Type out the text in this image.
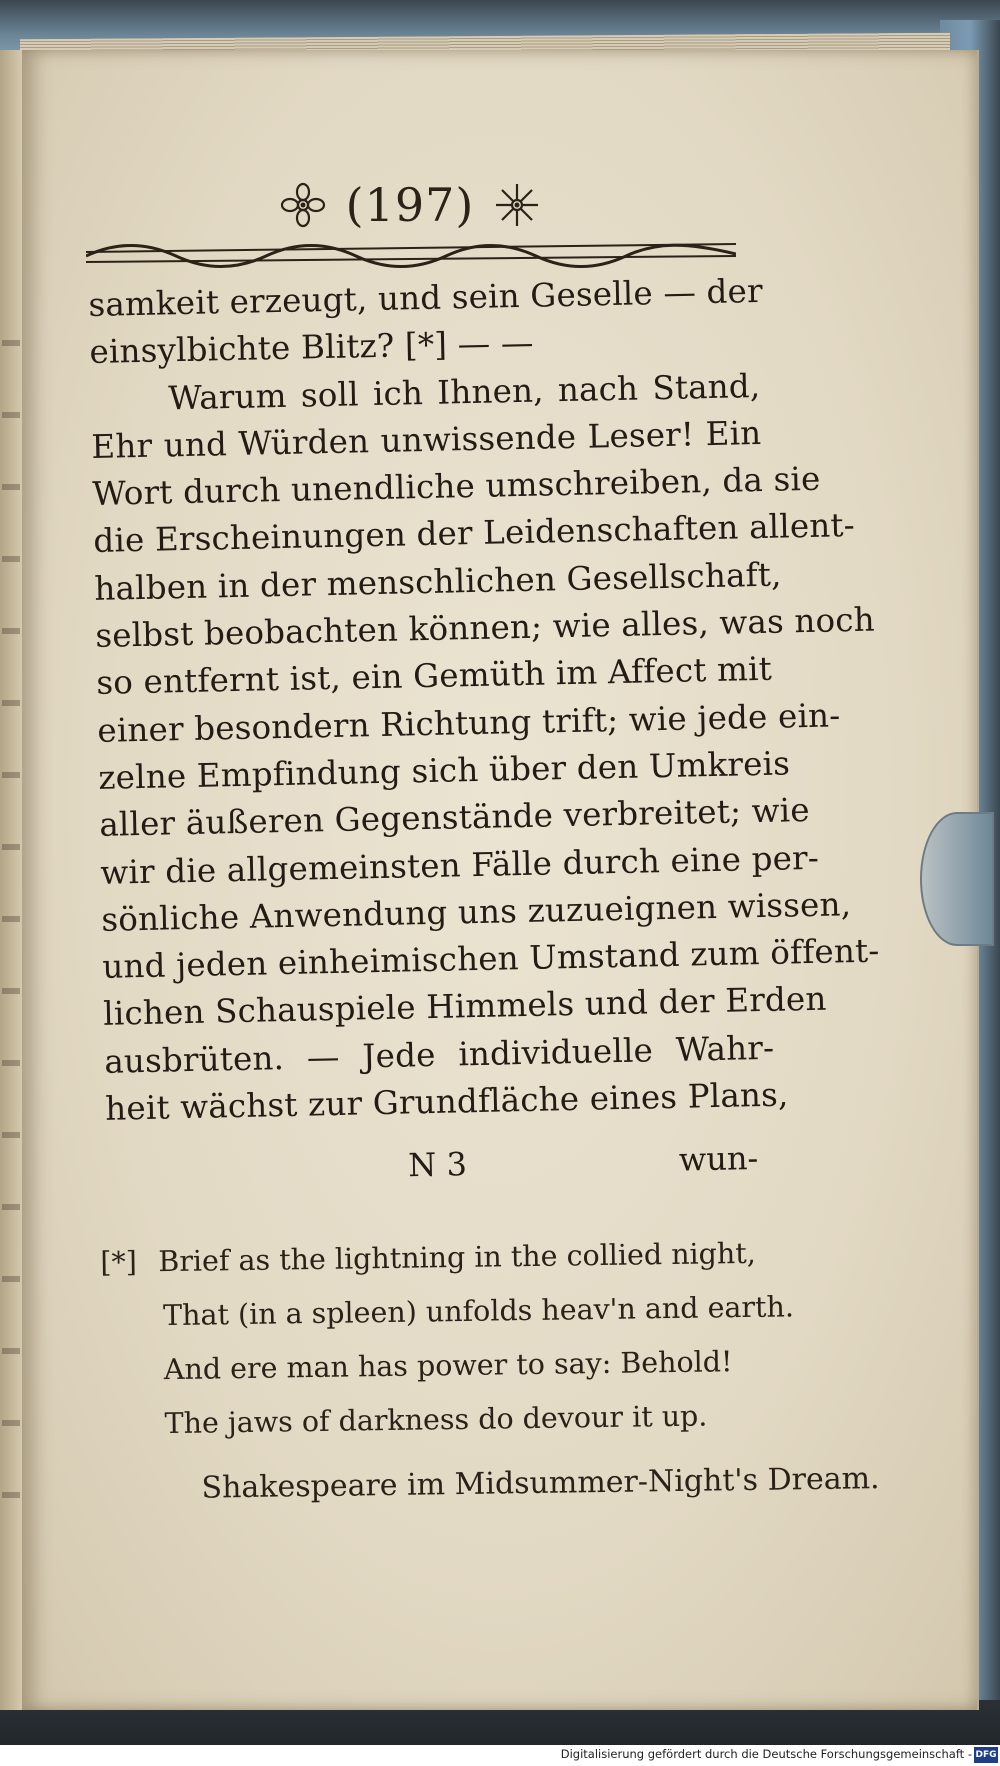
(197)
samkeit erzeugt, und sein Geselle — der
einsylbichte Blitz? [*] — —
Warum soll ich Ihnen, nach Stand,
Ehr und Würden unwissende Leser! Ein
Wort durch unendliche umschreiben, da sie
die Erscheinungen der Leidenschaften allent-
halben in der menschlichen Gesellschaft,
selbst beobachten können; wie alles, was noch
so entfernt ist, ein Gemüth im Affect mit
einer besondern Richtung trift; wie jede ein-
zelne Empfindung sich über den Umkreis
aller äußeren Gegenstände verbreitet; wie
wir die allgemeinsten Fälle durch eine per-
sönliche Anwendung uns zuzueignen wissen,
und jeden einheimischen Umstand zum öffent-
lichen Schauspiele Himmels und der Erden
ausbrüten. — Jede individuelle Wahr-
heit wächst zur Grundfläche eines Plans,
N 3	wun-
[*] Brief as the lightning in the collied night,
That (in a spleen) unfolds heav'n and earth.
And ere man has power to say: Behold!
The jaws of darkness do devour it up.
Shakespeare im Midsummer-Night's Dream.
Digitalisierung gefördert durch die Deutsche Forschungsgemeinschaft - DFG
